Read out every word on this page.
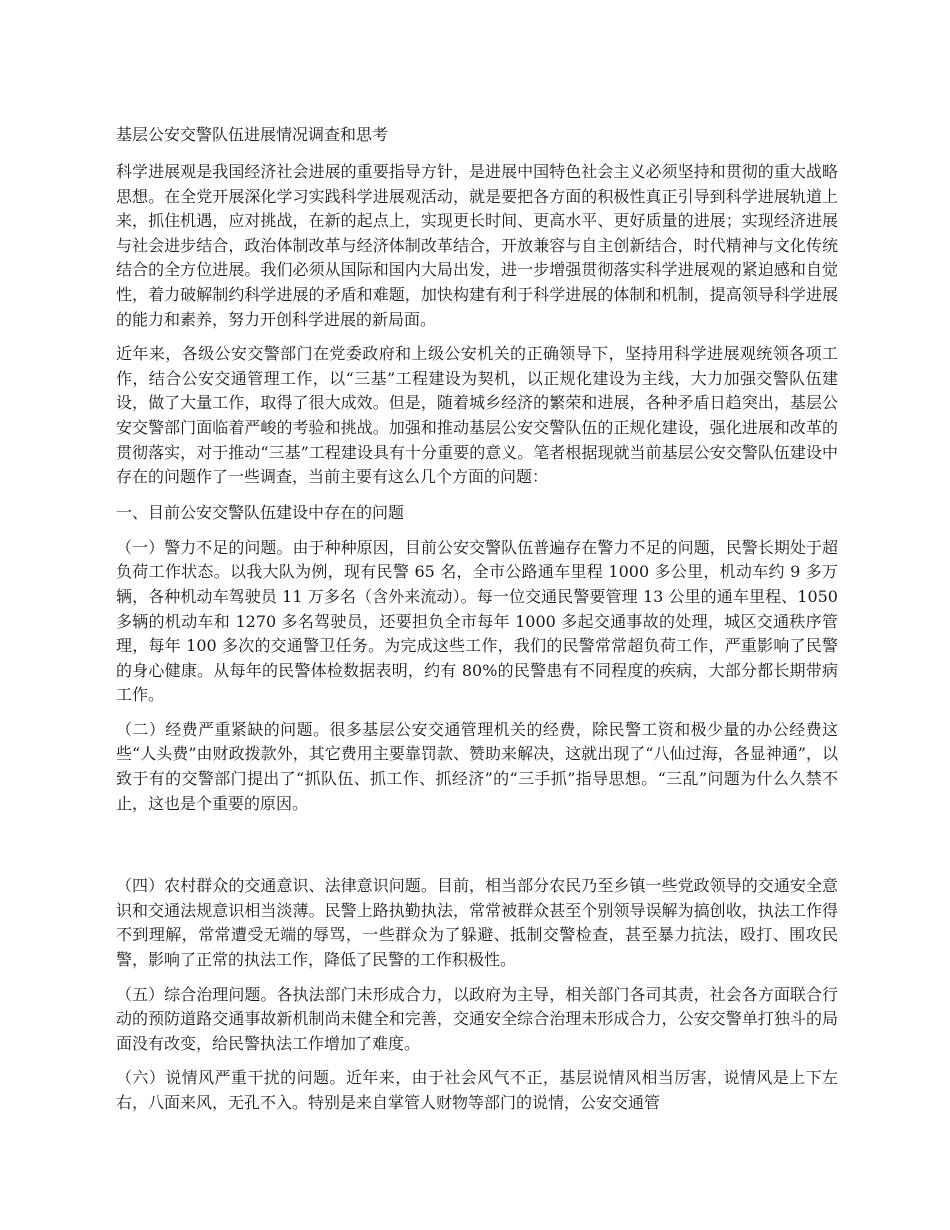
基层公安交警队伍进展情况调查和思考

科学进展观是我国经济社会进展的重要指导方针，是进展中国特色社会主义必须坚持和贯彻的重大战略思想。在全党开展深化学习实践科学进展观活动，就是要把各方面的积极性真正引导到科学进展轨道上来，抓住机遇，应对挑战，在新的起点上，实现更长时间、更高水平、更好质量的进展；实现经济进展与社会进步结合，政治体制改革与经济体制改革结合，开放兼容与自主创新结合，时代精神与文化传统结合的全方位进展。我们必须从国际和国内大局出发，进一步增强贯彻落实科学进展观的紧迫感和自觉性，着力破解制约科学进展的矛盾和难题，加快构建有利于科学进展的体制和机制，提高领导科学进展的能力和素养，努力开创科学进展的新局面。

近年来，各级公安交警部门在党委政府和上级公安机关的正确领导下，坚持用科学进展观统领各项工作，结合公安交通管理工作，以“三基”工程建设为契机，以正规化建设为主线，大力加强交警队伍建设，做了大量工作，取得了很大成效。但是，随着城乡经济的繁荣和进展，各种矛盾日趋突出，基层公安交警部门面临着严峻的考验和挑战。加强和推动基层公安交警队伍的正规化建设，强化进展和改革的贯彻落实，对于推动“三基”工程建设具有十分重要的意义。笔者根据现就当前基层公安交警队伍建设中存在的问题作了一些调查，当前主要有这么几个方面的问题：

一、目前公安交警队伍建设中存在的问题

（一）警力不足的问题。由于种种原因，目前公安交警队伍普遍存在警力不足的问题，民警长期处于超负荷工作状态。以我大队为例，现有民警 65 名，全市公路通车里程 1000 多公里，机动车约 9 多万辆，各种机动车驾驶员 11 万多名（含外来流动）。每一位交通民警要管理 13 公里的通车里程、1050 多辆的机动车和 1270 多名驾驶员，还要担负全市每年 1000 多起交通事故的处理，城区交通秩序管理，每年 100 多次的交通警卫任务。为完成这些工作，我们的民警常常超负荷工作，严重影响了民警的身心健康。从每年的民警体检数据表明，约有 80%的民警患有不同程度的疾病，大部分都长期带病工作。

（二）经费严重紧缺的问题。很多基层公安交通管理机关的经费，除民警工资和极少量的办公经费这些“人头费”由财政拨款外，其它费用主要靠罚款、赞助来解决，这就出现了“八仙过海，各显神通”，以致于有的交警部门提出了“抓队伍、抓工作、抓经济”的“三手抓”指导思想。“三乱”问题为什么久禁不止，这也是个重要的原因。

（四）农村群众的交通意识、法律意识问题。目前，相当部分农民乃至乡镇一些党政领导的交通安全意识和交通法规意识相当淡薄。民警上路执勤执法，常常被群众甚至个别领导误解为搞创收，执法工作得不到理解，常常遭受无端的辱骂，一些群众为了躲避、抵制交警检查，甚至暴力抗法，殴打、围攻民警，影响了正常的执法工作，降低了民警的工作积极性。

（五）综合治理问题。各执法部门未形成合力，以政府为主导，相关部门各司其责，社会各方面联合行动的预防道路交通事故新机制尚未健全和完善，交通安全综合治理未形成合力，公安交警单打独斗的局面没有改变，给民警执法工作增加了难度。

（六）说情风严重干扰的问题。近年来，由于社会风气不正，基层说情风相当厉害，说情风是上下左右，八面来风，无孔不入。特别是来自掌管人财物等部门的说情，公安交通管
